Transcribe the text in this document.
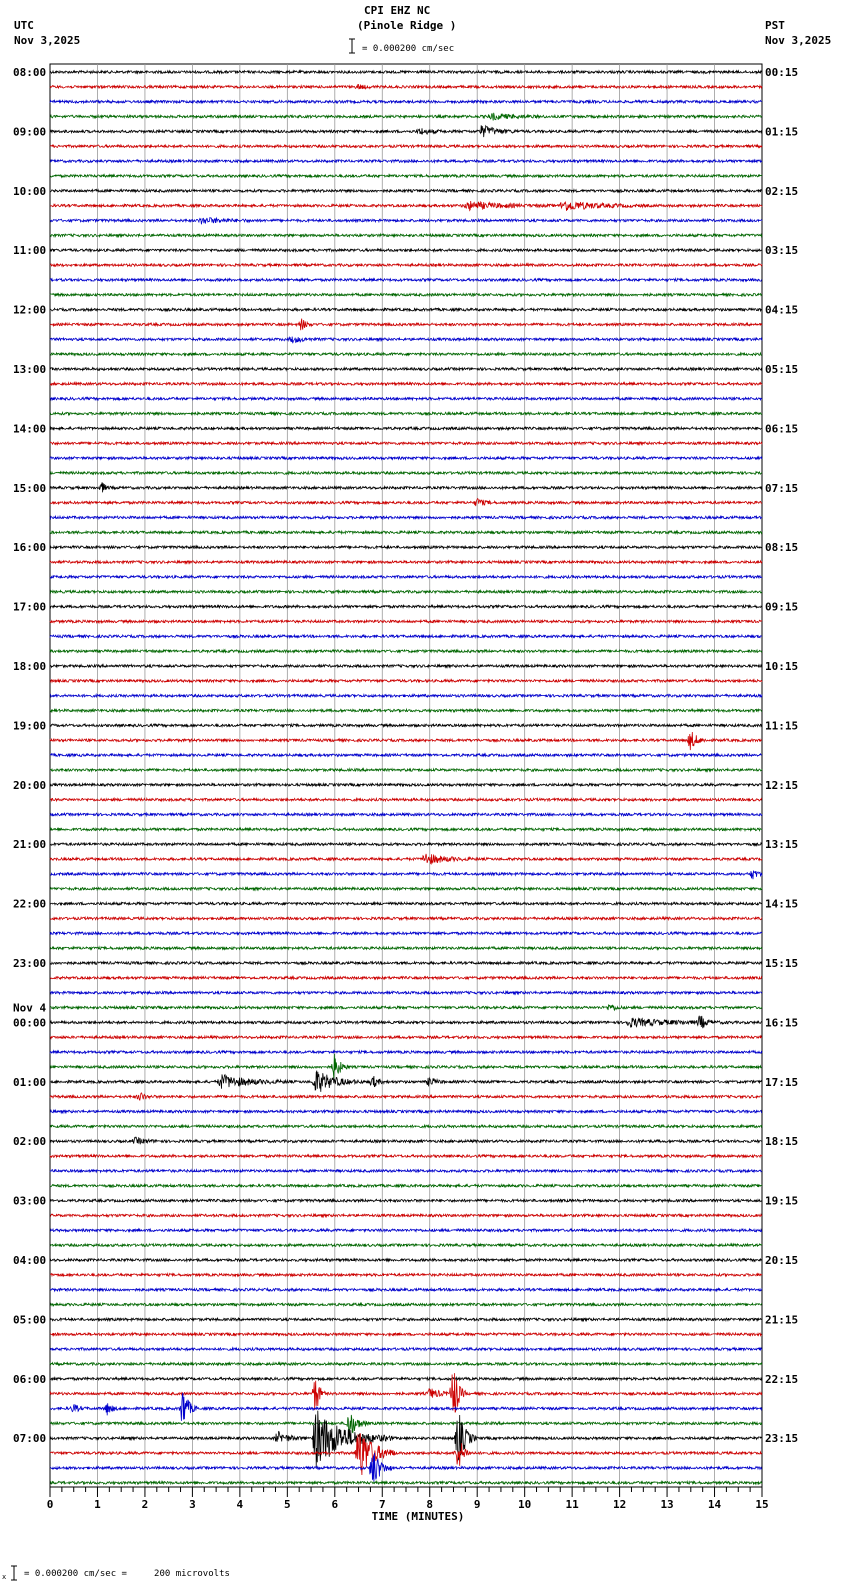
CPI EHZ NC
(Pinole Ridge )
= 0.000200 cm/sec
UTC
Nov 3,2025
PST
Nov 3,2025
= 0.000200 cm/sec =     200 microvolts
x
08:00
09:00
10:00
11:00
12:00
13:00
14:00
15:00
16:00
17:00
18:00
19:00
20:00
21:00
22:00
23:00
00:00
Nov 4
01:00
02:00
03:00
04:00
05:00
06:00
07:00
00:15
01:15
02:15
03:15
04:15
05:15
06:15
07:15
08:15
09:15
10:15
11:15
12:15
13:15
14:15
15:15
16:15
17:15
18:15
19:15
20:15
21:15
22:15
23:15
0	1	2	3	4	5	6	7	8	9	10	11	12	13	14	15
TIME (MINUTES)
